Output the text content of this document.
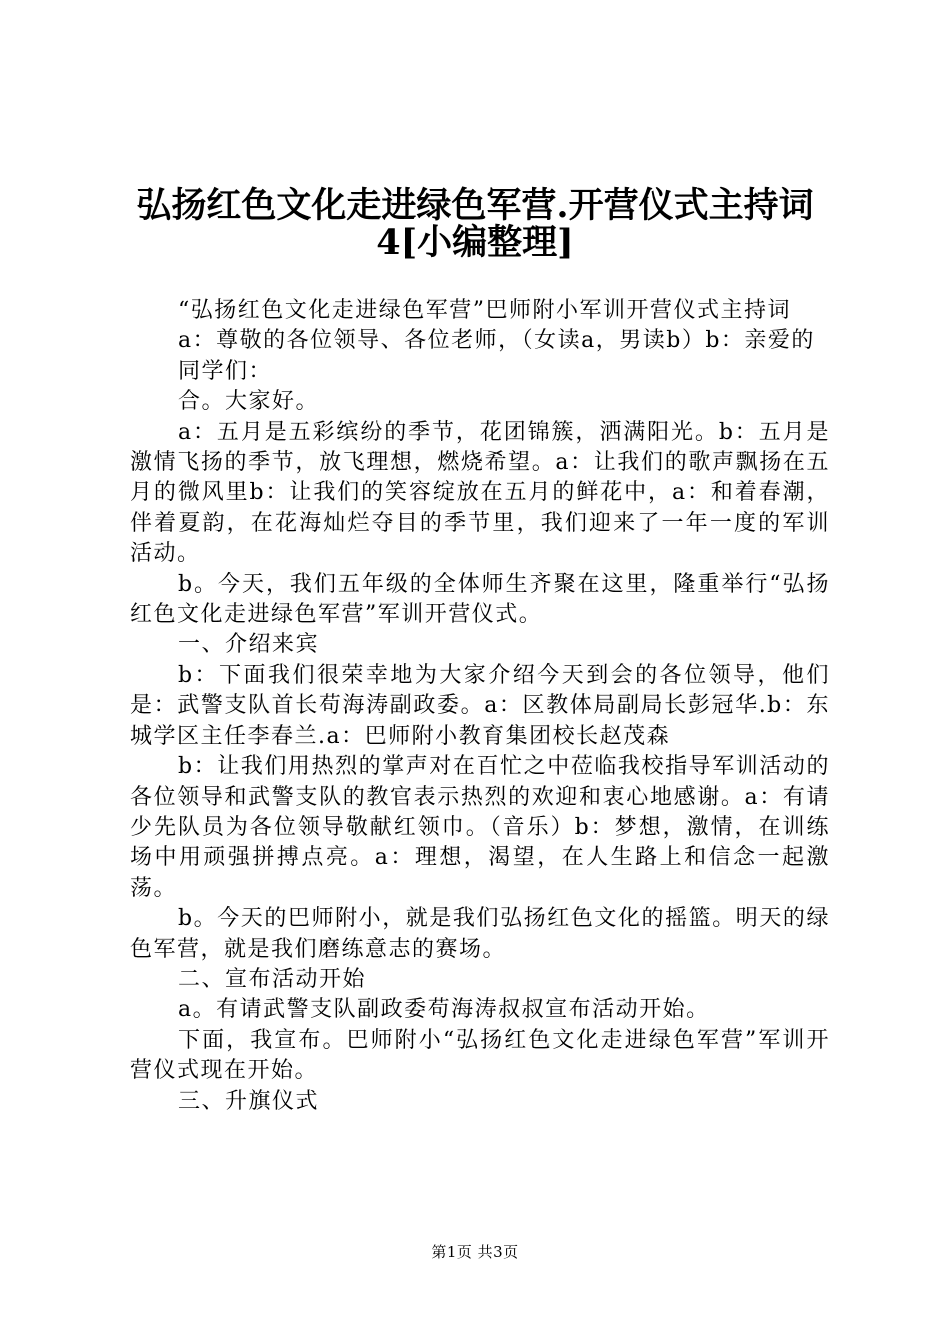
弘扬红色文化走进绿色军营.开营仪式主持词
4[小编整理]

“弘扬红色文化走进绿色军营”巴师附小军训开营仪式主持词

a：尊敬的各位领导、各位老师，（女读a，男读b）b：亲爱的

同学们：

合。大家好。

a：五月是五彩缤纷的季节，花团锦簇，洒满阳光。b：五月是激情飞扬的季节，放飞理想，燃烧希望。a：让我们的歌声飘扬在五月的微风里b：让我们的笑容绽放在五月的鲜花中，a：和着春潮，伴着夏韵，在花海灿烂夺目的季节里，我们迎来了一年一度的军训活动。

b。今天，我们五年级的全体师生齐聚在这里，隆重举行“弘扬红色文化走进绿色军营”军训开营仪式。

一、介绍来宾

b：下面我们很荣幸地为大家介绍今天到会的各位领导，他们是：武警支队首长苟海涛副政委。a：区教体局副局长彭冠华.b：东城学区主任李春兰.a：巴师附小教育集团校长赵茂森

b：让我们用热烈的掌声对在百忙之中莅临我校指导军训活动的各位领导和武警支队的教官表示热烈的欢迎和衷心地感谢。a：有请少先队员为各位领导敬献红领巾。（音乐）b：梦想，激情，在训练场中用顽强拼搏点亮。a：理想，渴望，在人生路上和信念一起激荡。

b。今天的巴师附小，就是我们弘扬红色文化的摇篮。明天的绿色军营，就是我们磨练意志的赛场。

二、宣布活动开始

a。有请武警支队副政委苟海涛叔叔宣布活动开始。

下面，我宣布。巴师附小“弘扬红色文化走进绿色军营”军训开营仪式现在开始。

三、升旗仪式

第1页 共3页
